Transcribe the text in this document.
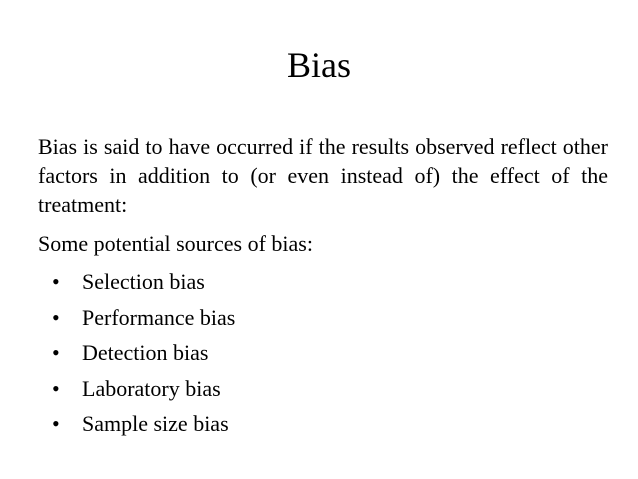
Bias
Bias is said to have occurred if the results observed reflect other factors in addition to (or even instead of) the effect of the treatment:
Some potential sources of bias:
• Selection bias
• Performance bias
• Detection bias
• Laboratory bias
• Sample size bias
